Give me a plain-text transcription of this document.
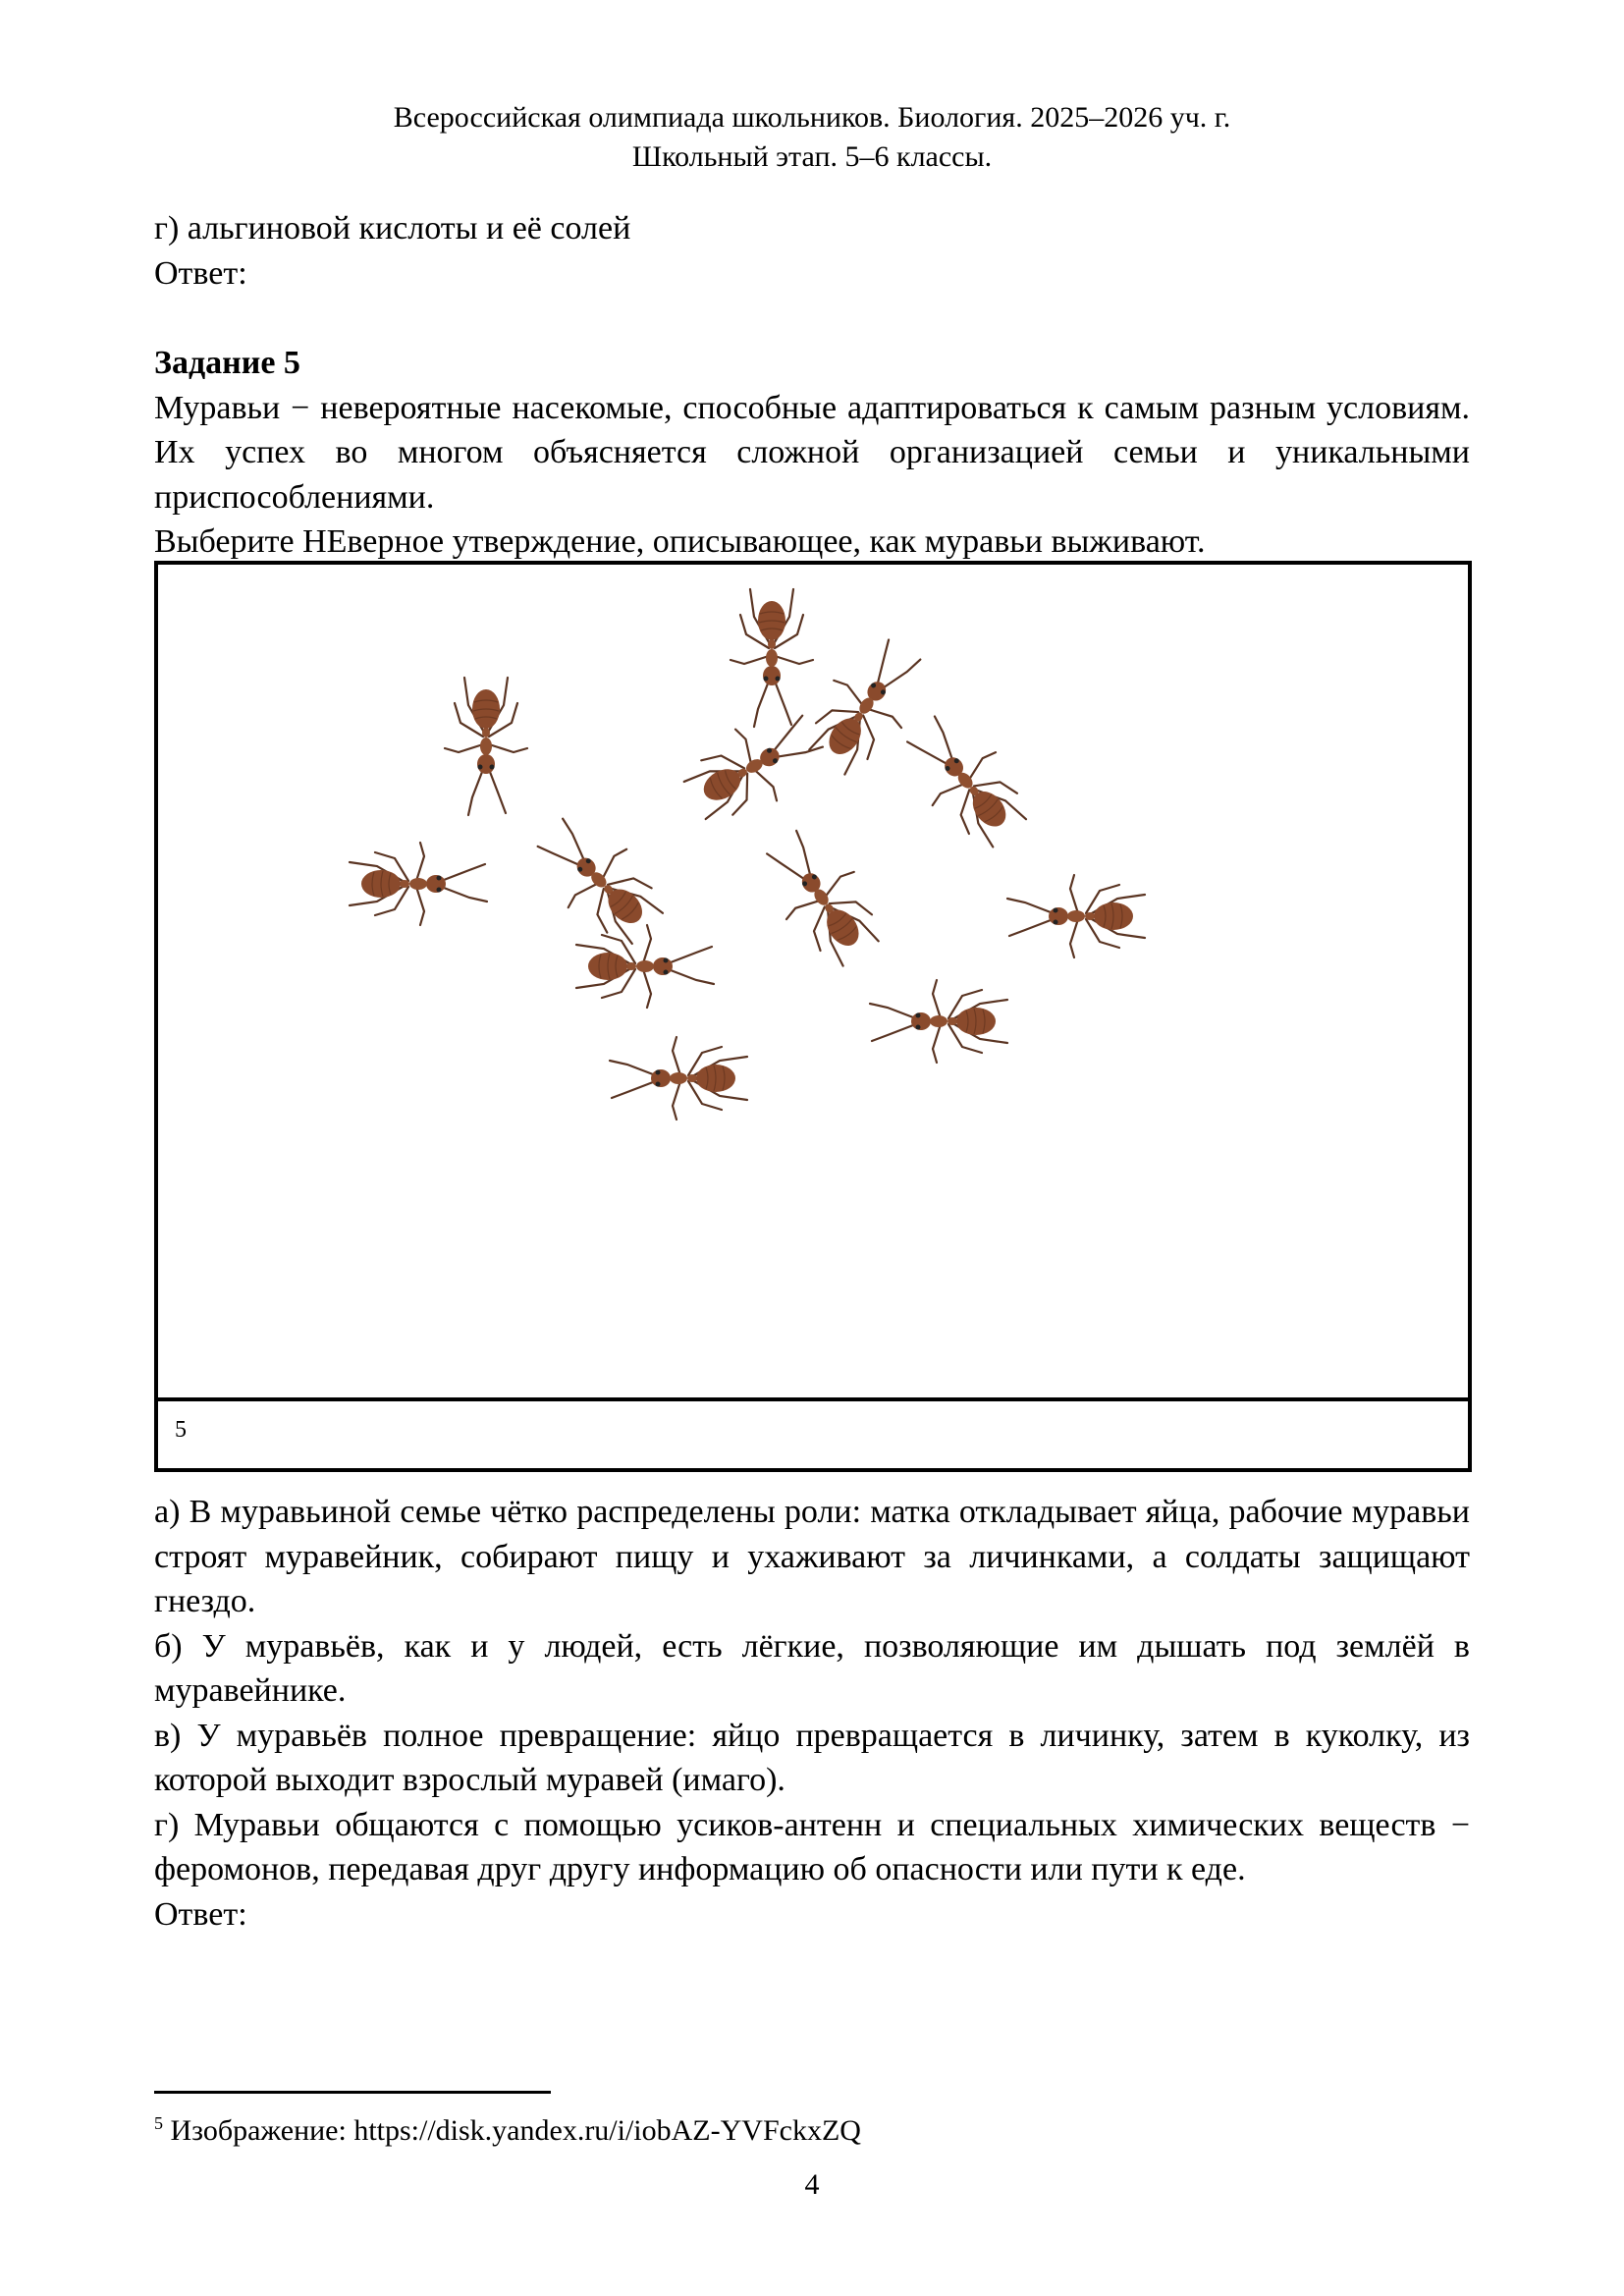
Всероссийская олимпиада школьников. Биология. 2025–2026 уч. г.
Школьный этап. 5–6 классы.
г) альгиновой кислоты и её солей
Ответ:
Задание 5
Муравьи − невероятные насекомые, способные адаптироваться к самым разным условиям. Их успех во многом объясняется сложной организацией семьи и уникальными приспособлениями.
Выберите НЕверное утверждение, описывающее, как муравьи выживают.
5
а) В муравьиной семье чётко распределены роли: матка откладывает яйца, рабочие муравьи строят муравейник, собирают пищу и ухаживают за личинками, а солдаты защищают гнездо.
б) У муравьёв, как и у людей, есть лёгкие, позволяющие им дышать под землёй в муравейнике.
в) У муравьёв полное превращение: яйцо превращается в личинку, затем в куколку, из которой выходит взрослый муравей (имаго).
г) Муравьи общаются с помощью усиков-антенн и специальных химических веществ − феромонов, передавая друг другу информацию об опасности или пути к еде.
Ответ:
$^5$ Изображение: https://disk.yandex.ru/i/iobAZ-YVFckxZQ
4
